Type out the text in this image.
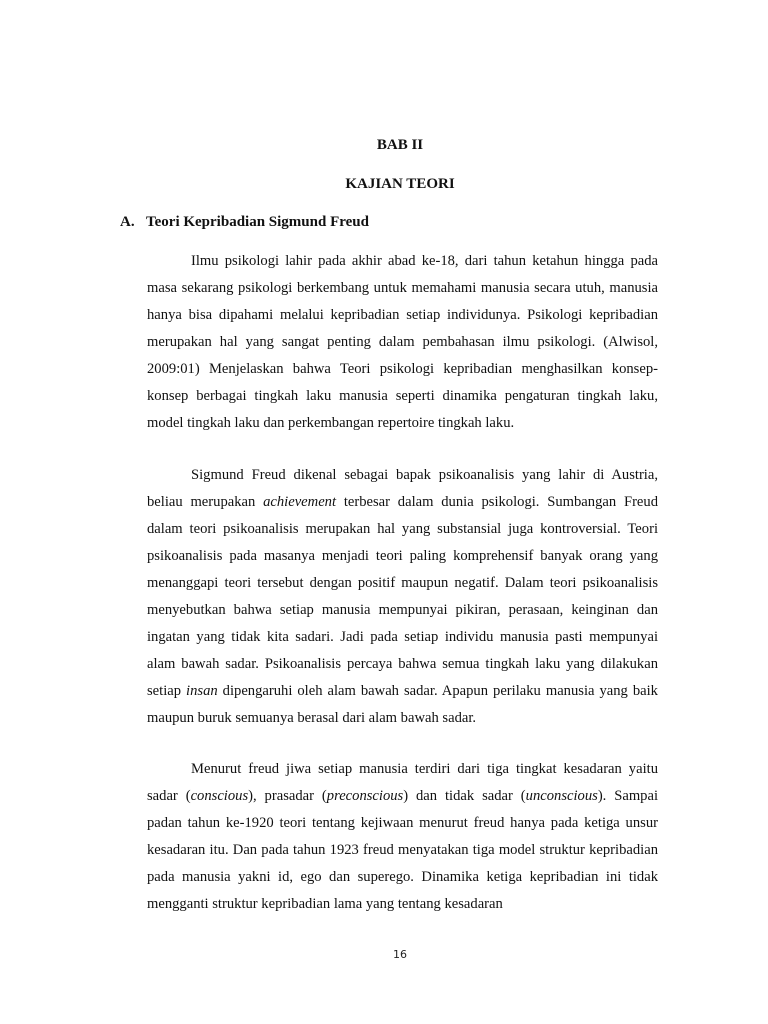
BAB II
KAJIAN TEORI
A. Teori Kepribadian Sigmund Freud

Ilmu psikologi lahir pada akhir abad ke-18, dari tahun ketahun hingga pada masa sekarang psikologi berkembang untuk memahami manusia secara utuh, manusia hanya bisa dipahami melalui kepribadian setiap individunya. Psikologi kepribadian merupakan hal yang sangat penting dalam pembahasan ilmu psikologi. (Alwisol, 2009:01) Menjelaskan bahwa Teori psikologi kepribadian menghasilkan konsep-konsep berbagai tingkah laku manusia seperti dinamika pengaturan tingkah laku, model tingkah laku dan perkembangan repertoire tingkah laku.

Sigmund Freud dikenal sebagai bapak psikoanalisis yang lahir di Austria, beliau merupakan achievement terbesar dalam dunia psikologi. Sumbangan Freud dalam teori psikoanalisis merupakan hal yang substansial juga kontroversial. Teori psikoanalisis pada masanya menjadi teori paling komprehensif banyak orang yang menanggapi teori tersebut dengan positif maupun negatif. Dalam teori psikoanalisis menyebutkan bahwa setiap manusia mempunyai pikiran, perasaan, keinginan dan ingatan yang tidak kita sadari. Jadi pada setiap individu manusia pasti mempunyai alam bawah sadar. Psikoanalisis percaya bahwa semua tingkah laku yang dilakukan setiap insan dipengaruhi oleh alam bawah sadar. Apapun perilaku manusia yang baik maupun buruk semuanya berasal dari alam bawah sadar.

Menurut freud jiwa setiap manusia terdiri dari tiga tingkat kesadaran yaitu sadar (conscious), prasadar (preconscious) dan tidak sadar (unconscious). Sampai padan tahun ke-1920 teori tentang kejiwaan menurut freud hanya pada ketiga unsur kesadaran itu. Dan pada tahun 1923 freud menyatakan tiga model struktur kepribadian pada manusia yakni id, ego dan superego. Dinamika ketiga kepribadian ini tidak mengganti struktur kepribadian lama yang tentang kesadaran

16
